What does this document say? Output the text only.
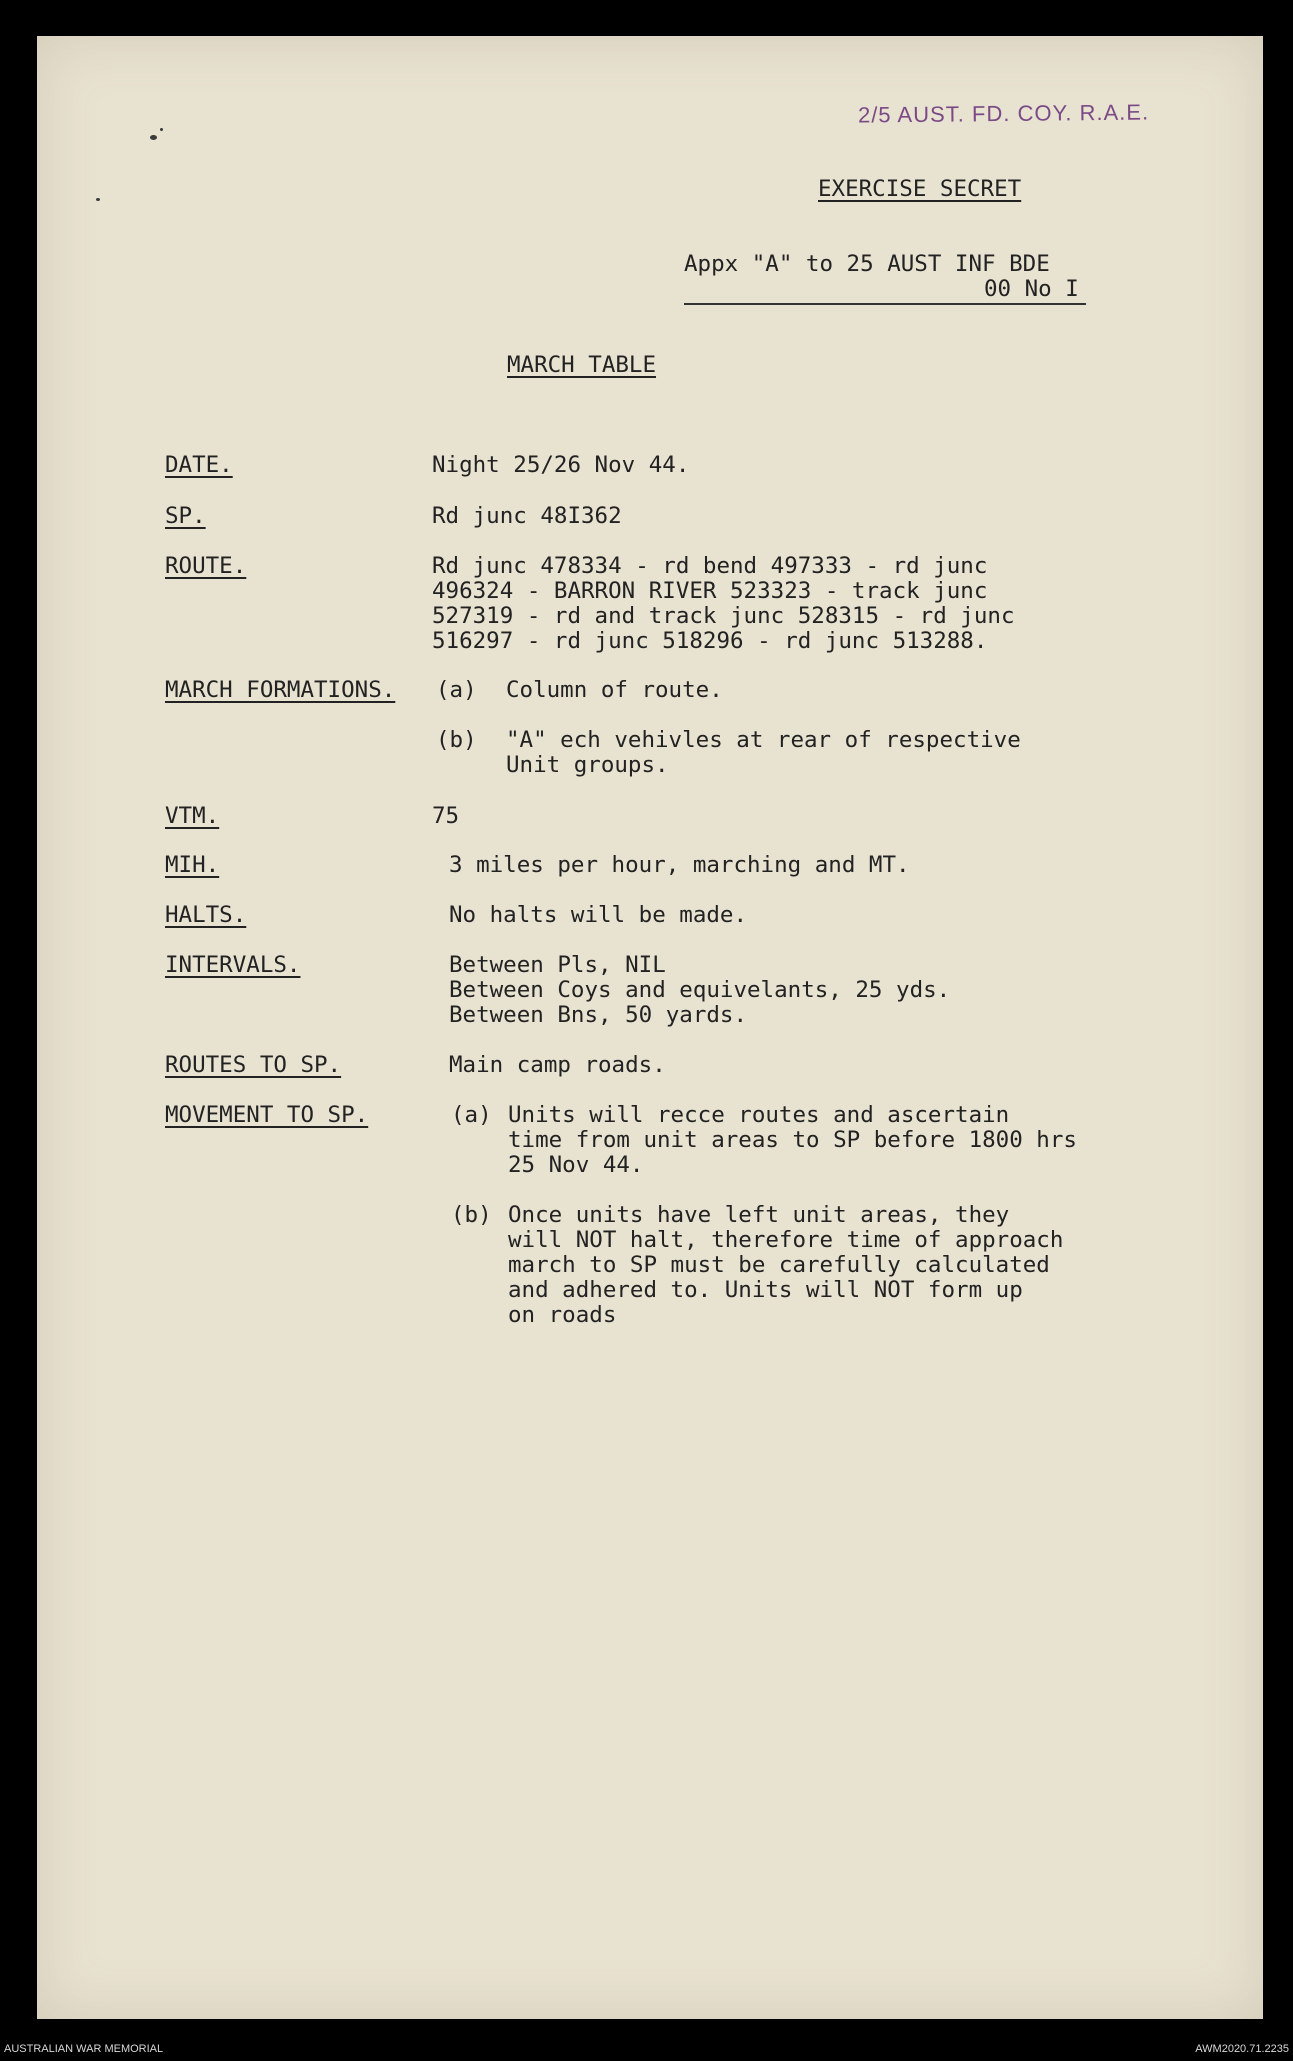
2/5 AUST. FD. COY. R.A.E.
EXERCISE SECRET
Appx "A" to 25 AUST INF BDE
00 No I
MARCH TABLE
DATE.	Night 25/26 Nov 44.
SP.	Rd junc 48I362
ROUTE.	Rd junc 478334 - rd bend 497333 - rd junc
496324 - BARRON RIVER 523323 - track junc
527319 - rd and track junc 528315 - rd junc
516297 - rd junc 518296 - rd junc 513288.
MARCH FORMATIONS. (a) Column of route.
(b) "A" ech vehivles at rear of respective
Unit groups.
VTM.	75
MIH.	3 miles per hour, marching and MT.
HALTS.	No halts will be made.
INTERVALS.	Between Pls, NIL
Between Coys and equivelants, 25 yds.
Between Bns, 50 yards.
ROUTES TO SP.	Main camp roads.
MOVEMENT TO SP.	(a) Units will recce routes and ascertain
time from unit areas to SP before 1800 hrs
25 Nov 44.
(b) Once units have left unit areas, they
will NOT halt, therefore time of approach
march to SP must be carefully calculated
and adhered to. Units will NOT form up
on roads
AUSTRALIAN WAR MEMORIAL	AWM2020.71.2235
